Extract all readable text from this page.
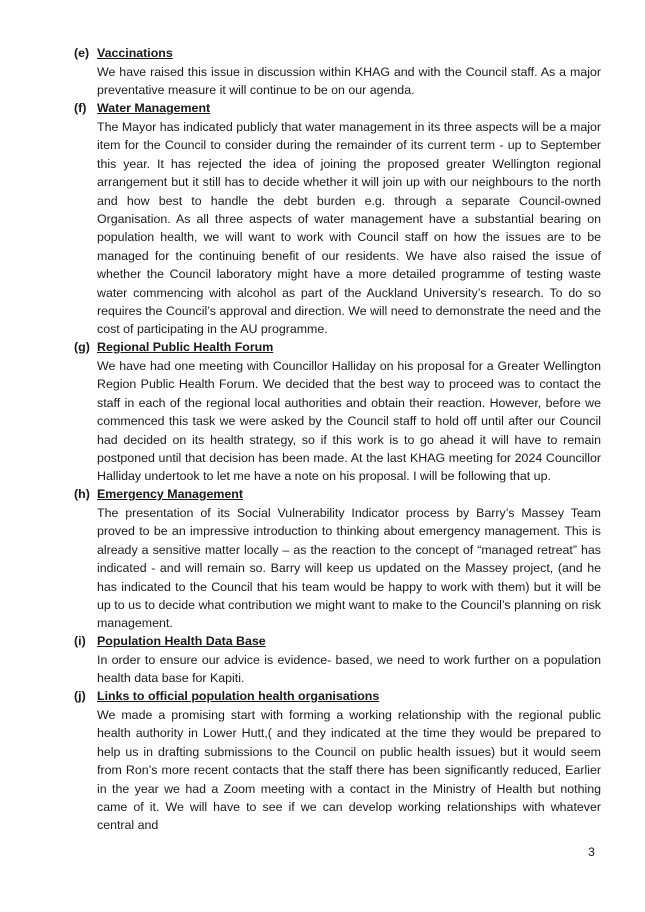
(e) Vaccinations
We have raised this issue in discussion within KHAG and with the Council staff. As a major preventative measure it will continue to be on our agenda.
(f) Water Management
The Mayor has indicated publicly that water management in its three aspects will be a major item for the Council to consider during the remainder of its current term - up to September this year. It has rejected the idea of joining the proposed greater Wellington regional arrangement but it still has to decide whether it will join up with our neighbours to the north and how best to handle the debt burden e.g. through a separate Council-owned Organisation. As all three aspects of water management have a substantial bearing on population health, we will want to work with Council staff on how the issues are to be managed for the continuing benefit of our residents. We have also raised the issue of whether the Council laboratory might have a more detailed programme of testing waste water commencing with alcohol as part of the Auckland University’s research. To do so requires the Council’s approval and direction. We will need to demonstrate the need and the cost of participating in the AU programme.
(g) Regional Public Health Forum
We have had one meeting with Councillor Halliday on his proposal for a Greater Wellington Region Public Health Forum. We decided that the best way to proceed was to contact the staff in each of the regional local authorities and obtain their reaction. However, before we commenced this task we were asked by the Council staff to hold off until after our Council had decided on its health strategy, so if this work is to go ahead it will have to remain postponed until that decision has been made. At the last KHAG meeting for 2024 Councillor Halliday undertook to let me have a note on his proposal. I will be following that up.
(h) Emergency Management
The presentation of its Social Vulnerability Indicator process by Barry’s Massey Team proved to be an impressive introduction to thinking about emergency management. This is already a sensitive matter locally – as the reaction to the concept of “managed retreat” has indicated - and will remain so. Barry will keep us updated on the Massey project, (and he has indicated to the Council that his team would be happy to work with them) but it will be up to us to decide what contribution we might want to make to the Council’s planning on risk management.
(i) Population Health Data Base
In order to ensure our advice is evidence- based, we need to work further on a population health data base for Kapiti.
(j) Links to official population health organisations
We made a promising start with forming a working relationship with the regional public health authority in Lower Hutt,( and they indicated at the time they would be prepared to help us in drafting submissions to the Council on public health issues) but it would seem from Ron’s more recent contacts that the staff there has been significantly reduced, Earlier in the year we had a Zoom meeting with a contact in the Ministry of Health but nothing came of it. We will have to see if we can develop working relationships with whatever central and
3
